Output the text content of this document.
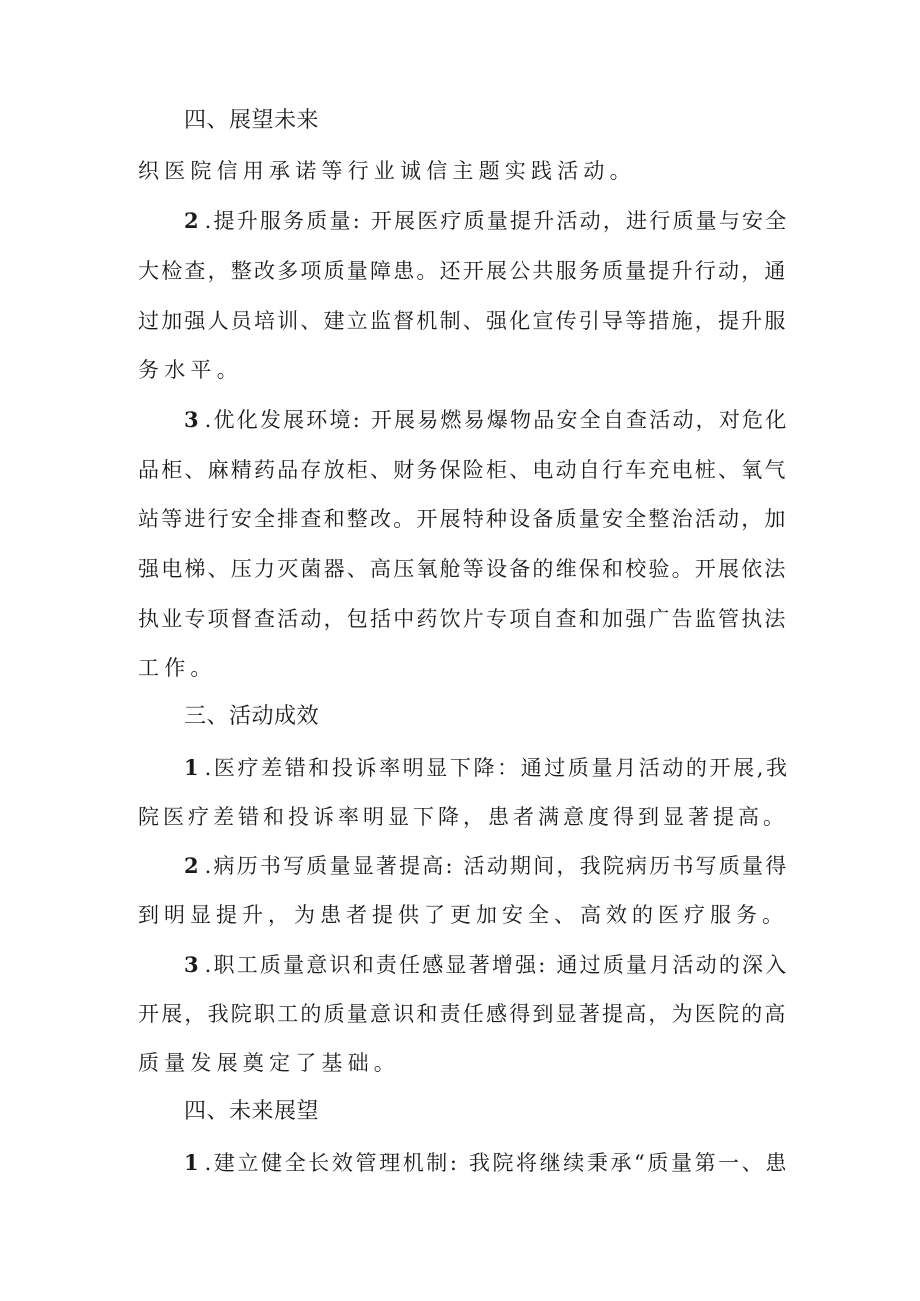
四、展望未来
织医院信用承诺等行业诚信主题实践活动。
2 .提升服务质量: 开展医疗质量提升活动，进行质量与安全
大检查，整改多项质量障患。还开展公共服务质量提升行动，通
过加强人员培训、建立监督机制、强化宣传引导等措施，提升服
务水平。
3 .优化发展环境: 开展易燃易爆物品安全自查活动，对危化
品柜、麻精药品存放柜、财务保险柜、电动自行车充电桩、氧气
站等进行安全排查和整改。开展特种设备质量安全整治活动，加
强电梯、压力灭菌器、高压氧舱等设备的维保和校验。开展依法
执业专项督查活动，包括中药饮片专项自查和加强广告监管执法
工作。
三、活动成效
1 .医疗差错和投诉率明显下降：通过质量月活动的开展,我
院医疗差错和投诉率明显下降，患者满意度得到显著提高。
2 .病历书写质量显著提高: 活动期间，我院病历书写质量得
到明显提升，为患者提供了更加安全、高效的医疗服务。
3 .职工质量意识和责任感显著增强: 通过质量月活动的深入
开展，我院职工的质量意识和责任感得到显著提高，为医院的高
质量发展奠定了基础。
四、未来展望
1 .建立健全长效管理机制: 我院将继续秉承“质量第一、患
